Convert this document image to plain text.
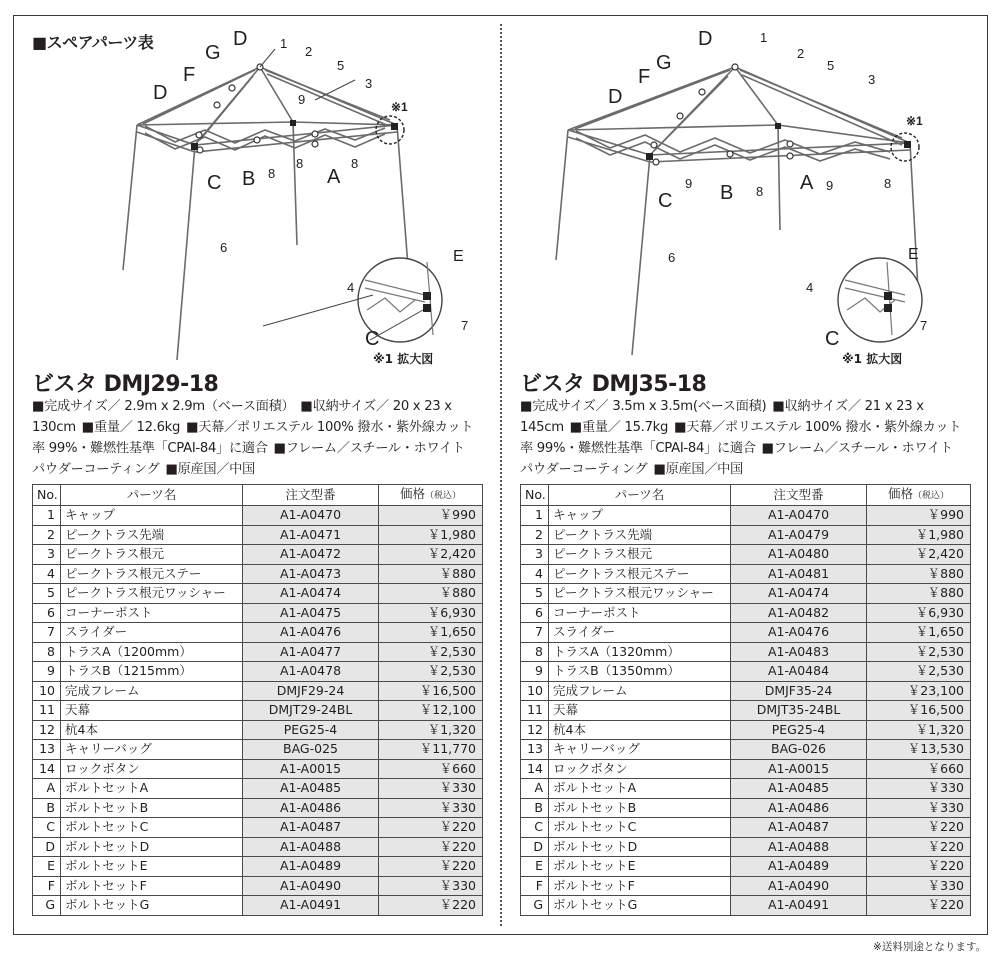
■スペアパーツ表	D	1
2
5
3
G
F
D	9
C B 8
8
A
8
※1
6
E
4
7
C
※1 拡大図
D	1
2
5
3
G
F
D
9
C B 8 A 9	8
※1
6	E
4
7
C
※1 拡大図
ビスタ DMJ29-18
■完成サイズ／ 2.9m x 2.9m（ベース面積） ■収納サイズ／ 20 x 23 x 130cm ■重量／ 12.6kg ■天幕／ポリエステル 100% 撥水・紫外線カット率 99%・難燃性基準「CPAI-84」に適合 ■フレーム／スチール・ホワイトパウダーコーティング ■原産国／中国
No.	パーツ名	注文型番	価格（税込）
1	キャップ	A1-A0470	￥990
2	ピークトラス先端	A1-A0471	￥1,980
3	ピークトラス根元	A1-A0472	￥2,420
4	ピークトラス根元ステー	A1-A0473	￥880
5	ピークトラス根元ワッシャー	A1-A0474	￥880
6	コーナーポスト	A1-A0475	￥6,930
7	スライダー	A1-A0476	￥1,650
8	トラスA（1200mm）	A1-A0477	￥2,530
9	トラスB（1215mm）	A1-A0478	￥2,530
10	完成フレーム	DMJF29-24	￥16,500
11	天幕	DMJT29-24BL	￥12,100
12	杭4本	PEG25-4	￥1,320
13	キャリーバッグ	BAG-025	￥11,770
14	ロックボタン	A1-A0015	￥660
A	ボルトセットA	A1-A0485	￥330
B	ボルトセットB	A1-A0486	￥330
C	ボルトセットC	A1-A0487	￥220
D	ボルトセットD	A1-A0488	￥220
E	ボルトセットE	A1-A0489	￥220
F	ボルトセットF	A1-A0490	￥330
G	ボルトセットG	A1-A0491	￥220
ビスタ DMJ35-18
■完成サイズ／ 3.5m x 3.5m(ベース面積) ■収納サイズ／ 21 x 23 x 145cm ■重量／ 15.7kg ■天幕／ポリエステル 100% 撥水・紫外線カット率 99%・難燃性基準「CPAI-84」に適合 ■フレーム／スチール・ホワイトパウダーコーティング ■原産国／中国
No.	パーツ名	注文型番	価格（税込）
1	キャップ	A1-A0470	￥990
2	ピークトラス先端	A1-A0479	￥1,980
3	ピークトラス根元	A1-A0480	￥2,420
4	ピークトラス根元ステー	A1-A0481	￥880
5	ピークトラス根元ワッシャー	A1-A0474	￥880
6	コーナーポスト	A1-A0482	￥6,930
7	スライダー	A1-A0476	￥1,650
8	トラスA（1320mm）	A1-A0483	￥2,530
9	トラスB（1350mm）	A1-A0484	￥2,530
10	完成フレーム	DMJF35-24	￥23,100
11	天幕	DMJT35-24BL	￥16,500
12	杭4本	PEG25-4	￥1,320
13	キャリーバッグ	BAG-026	￥13,530
14	ロックボタン	A1-A0015	￥660
A	ボルトセットA	A1-A0485	￥330
B	ボルトセットB	A1-A0486	￥330
C	ボルトセットC	A1-A0487	￥220
D	ボルトセットD	A1-A0488	￥220
E	ボルトセットE	A1-A0489	￥220
F	ボルトセットF	A1-A0490	￥330
G	ボルトセットG	A1-A0491	￥220
※送料別途となります。
